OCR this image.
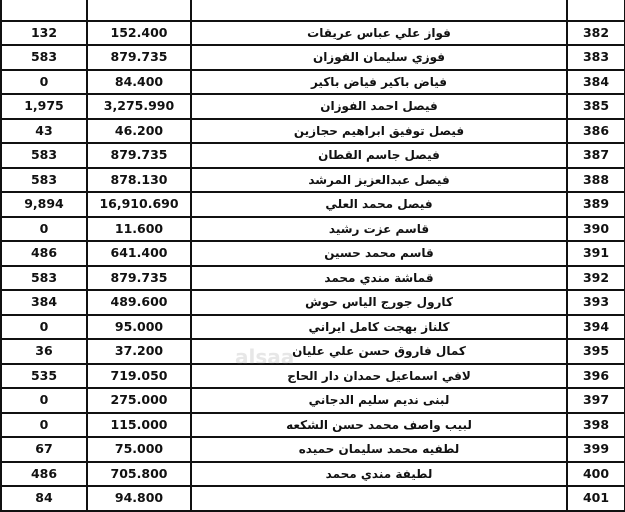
132	152.400	فواز علي عباس عريقات	382
583	879.735	فوزي سليمان الفوزان	383
0	84.400	فياض باكير فياض باكير	384
1,975	3,275.990	فيصل احمد الفوزان	385
43	46.200	فيصل توفيق ابراهيم حجازين	386
583	879.735	فيصل جاسم القطان	387
583	878.130	فيصل عبدالعزيز المرشد	388
9,894	16,910.690	فيصل محمد العلي	389
0	11.600	قاسم عزت رشيد	390
486	641.400	قاسم محمد حسين	391
583	879.735	قماشة مندي محمد	392
384	489.600	كارول جورج الياس حوش	393
0	95.000	كلناز بهجت كامل ايراني	394
36	37.200	كمال فاروق حسن علي عليان	395
535	719.050	لافي اسماعيل حمدان دار الحاج	396
0	275.000	لبنى نديم سليم الدجاني	397
0	115.000	لبيب واصف محمد حسن الشكعه	398
67	75.000	لطفيه محمد سليمان حميده	399
486	705.800	لطيفة مندي محمد	400
84	94.800		401
alsaa
